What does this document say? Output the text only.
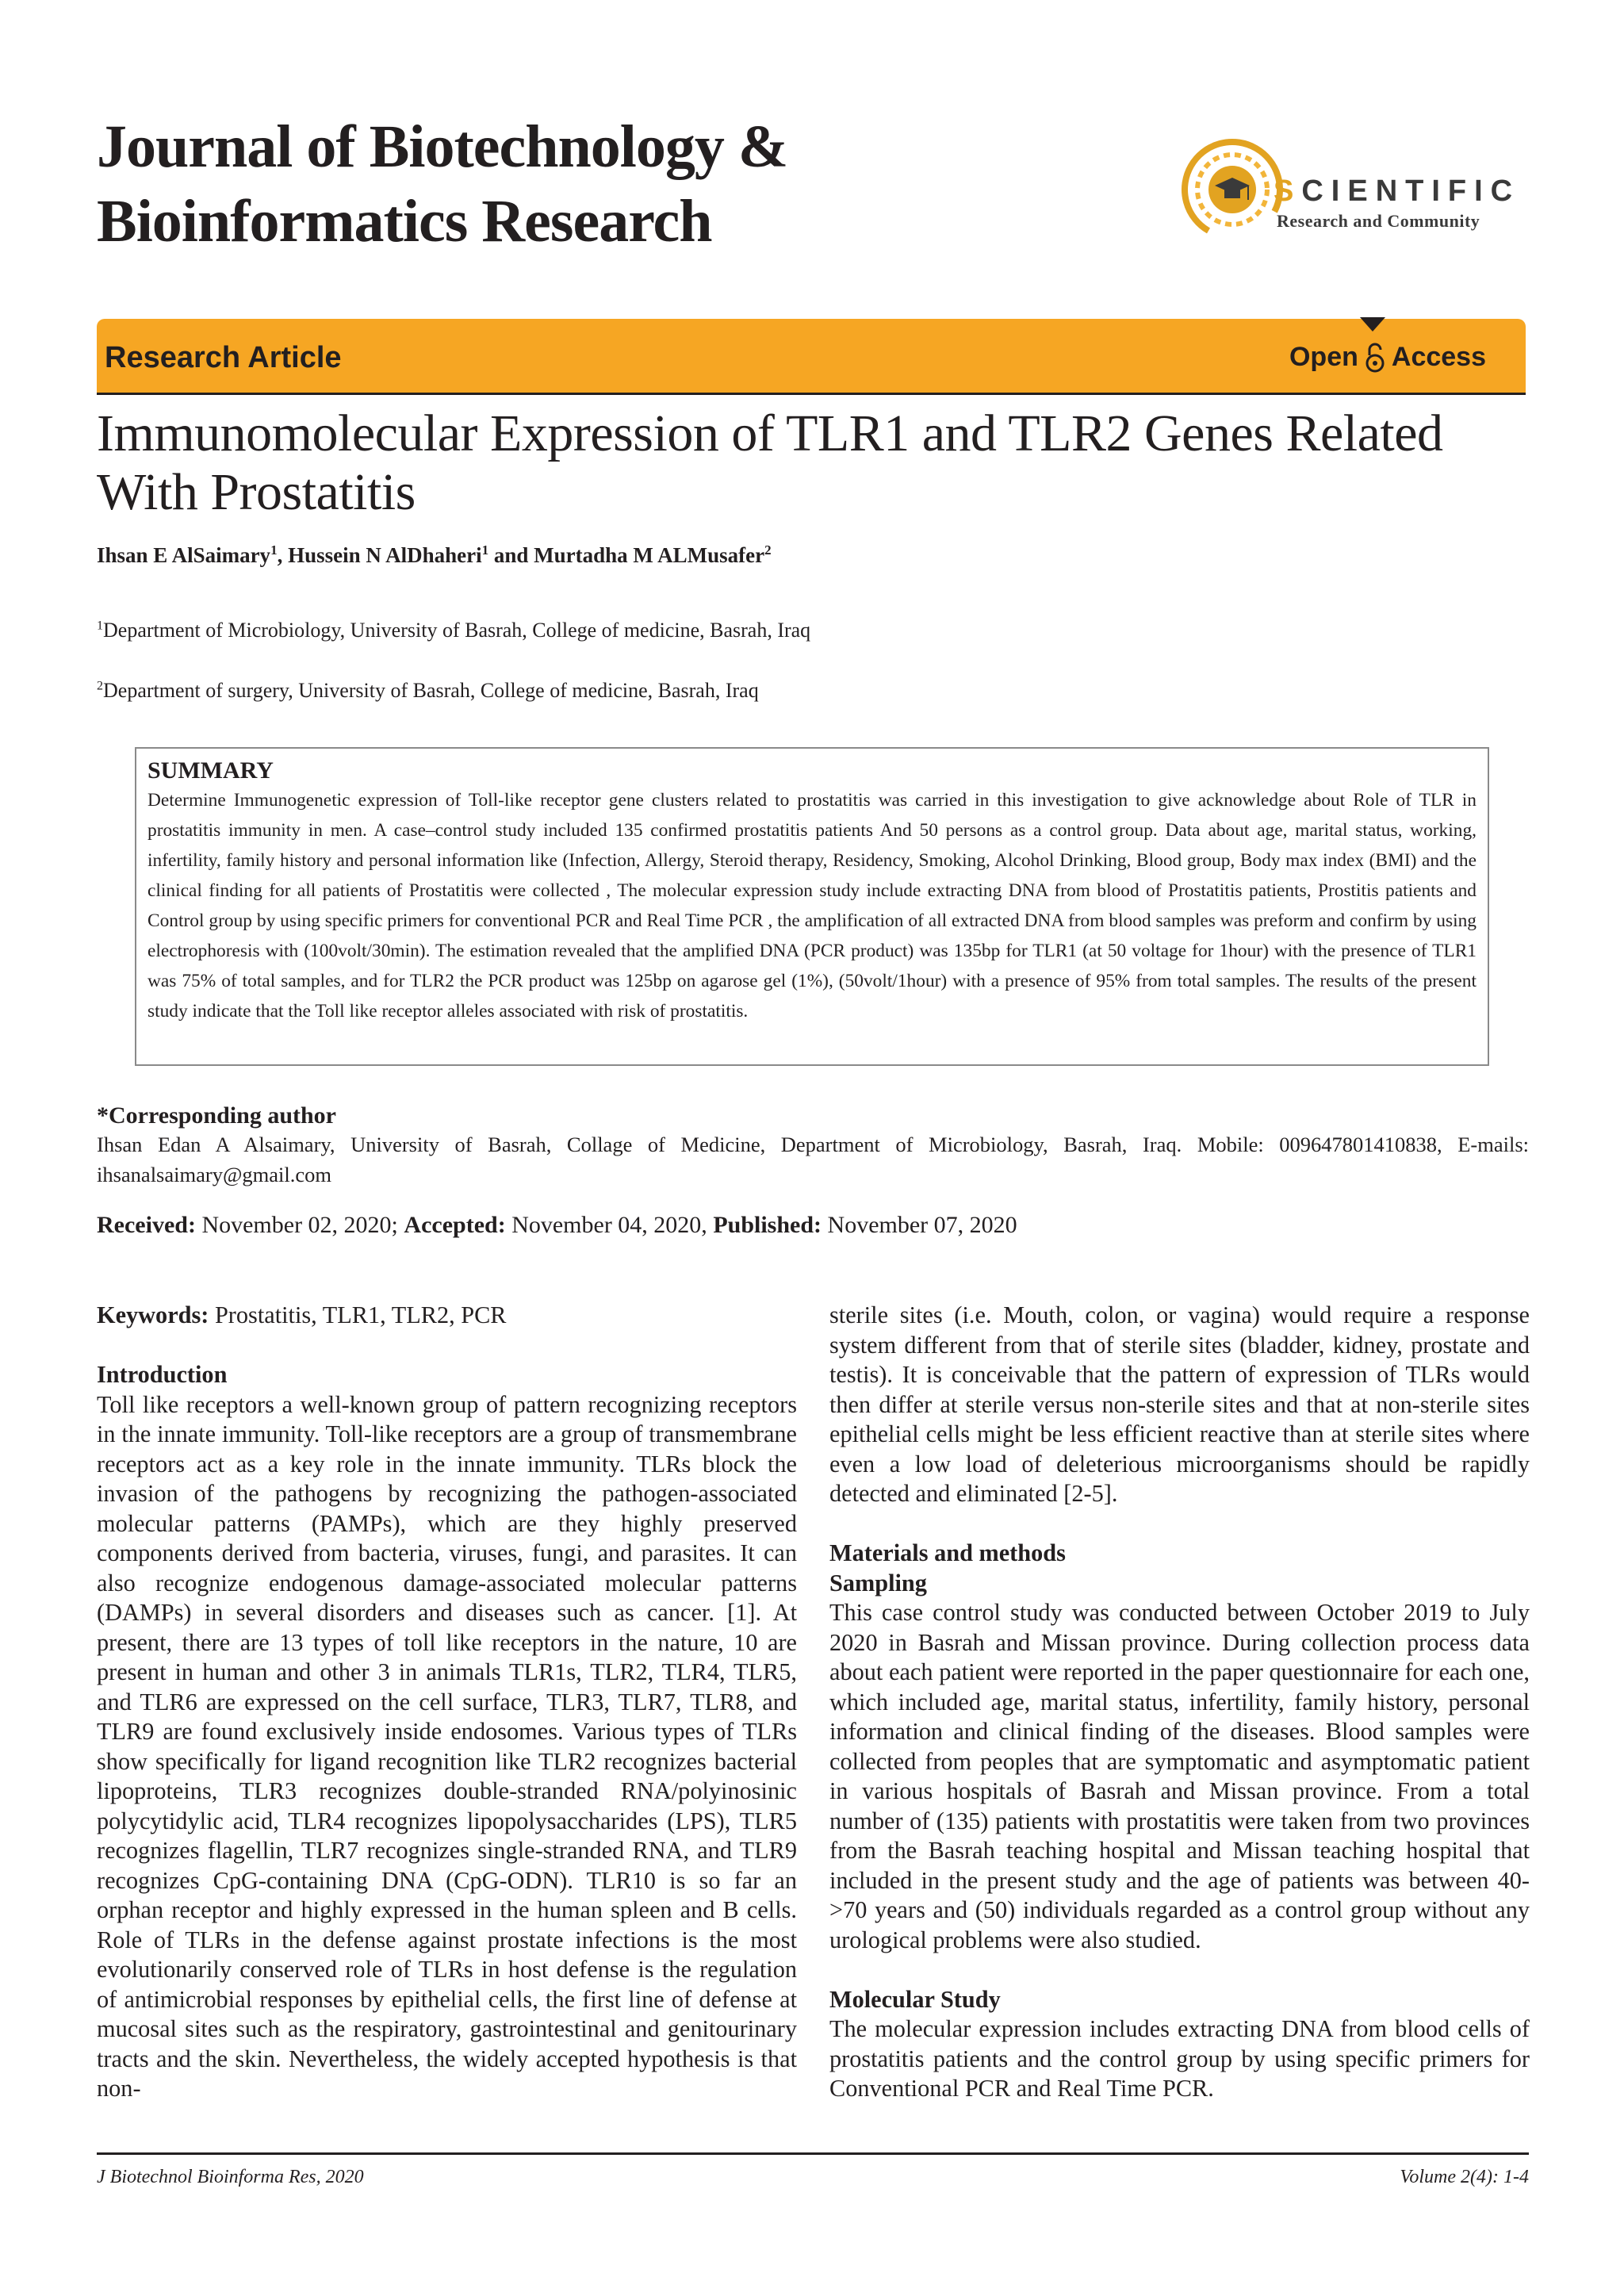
Journal of Biotechnology &
Bioinformatics Research	SCIENTIFIC
Research and Community
Research Article	Open Access
Immunomolecular Expression of TLR1 and TLR2 Genes Related With Prostatitis
Ihsan E AlSaimary$^1$, Hussein N AlDhaheri$^1$ and Murtadha M ALMusafer$^2$
$^1$Department of Microbiology, University of Basrah, College of medicine, Basrah, Iraq
$^2$Department of surgery, University of Basrah, College of medicine, Basrah, Iraq

SUMMARY

Determine Immunogenetic expression of Toll-like receptor gene clusters related to prostatitis was carried in this investigation to give acknowledge about Role of TLR in prostatitis immunity in men. A case–control study included 135 confirmed prostatitis patients And 50 persons as a control group. Data about age, marital status, working, infertility, family history and personal information like (Infection, Allergy, Steroid therapy, Residency, Smoking, Alcohol Drinking, Blood group, Body max index (BMI) and the clinical finding for all patients of Prostatitis were collected , The molecular expression study include extracting DNA from blood of Prostatitis patients, Prostitis patients and Control group by using specific primers for conventional PCR and Real Time PCR , the amplification of all extracted DNA from blood samples was preform and confirm by using electrophoresis with (100volt/30min). The estimation revealed that the amplified DNA (PCR product) was 135bp for TLR1 (at 50 voltage for 1hour) with the presence of TLR1 was 75% of total samples, and for TLR2 the PCR product was 125bp on agarose gel (1%), (50volt/1hour) with a presence of 95% from total samples. The results of the present study indicate that the Toll like receptor alleles associated with risk of prostatitis.

*Corresponding author
Ihsan Edan A Alsaimary, University of Basrah, Collage of Medicine, Department of Microbiology, Basrah, Iraq. Mobile: 009647801410838, E-mails: ihsanalsaimary@gmail.com
Received: November 02, 2020; Accepted: November 04, 2020, Published: November 07, 2020

Keywords: Prostatitis, TLR1, TLR2, PCR

Introduction

Toll like receptors a well-known group of pattern recognizing receptors in the innate immunity. Toll-like receptors are a group of transmembrane receptors act as a key role in the innate immunity. TLRs block the invasion of the pathogens by recognizing the pathogen-associated molecular patterns (PAMPs), which are they highly preserved components derived from bacteria, viruses, fungi, and parasites. It can also recognize endogenous damage-associated molecular patterns (DAMPs) in several disorders and diseases such as cancer. [1]. At present, there are 13 types of toll like receptors in the nature, 10 are present in human and other 3 in animals TLR1s, TLR2, TLR4, TLR5, and TLR6 are expressed on the cell surface, TLR3, TLR7, TLR8, and TLR9 are found exclusively inside endosomes. Various types of TLRs show specifically for ligand recognition like TLR2 recognizes bacterial lipoproteins, TLR3 recognizes double-stranded RNA/polyinosinic polycytidylic acid, TLR4 recognizes lipopolysaccharides (LPS), TLR5 recognizes flagellin, TLR7 recognizes single-stranded RNA, and TLR9 recognizes CpG-containing DNA (CpG-ODN). TLR10 is so far an orphan receptor and highly expressed in the human spleen and B cells. Role of TLRs in the defense against prostate infections is the most evolutionarily conserved role of TLRs in host defense is the regulation of antimicrobial responses by epithelial cells, the first line of defense at mucosal sites such as the respiratory, gastrointestinal and genitourinary tracts and the skin. Nevertheless, the widely accepted hypothesis is that non-

sterile sites (i.e. Mouth, colon, or vagina) would require a response system different from that of sterile sites (bladder, kidney, prostate and testis). It is conceivable that the pattern of expression of TLRs would then differ at sterile versus non-sterile sites and that at non-sterile sites epithelial cells might be less efficient reactive than at sterile sites where even a low load of deleterious microorganisms should be rapidly detected and eliminated [2-5].

Materials and methods
Sampling

This case control study was conducted between October 2019 to July 2020 in Basrah and Missan province. During collection process data about each patient were reported in the paper questionnaire for each one, which included age, marital status, infertility, family history, personal information and clinical finding of the diseases. Blood samples were collected from peoples that are symptomatic and asymptomatic patient in various hospitals of Basrah and Missan province. From a total number of (135) patients with prostatitis were taken from two provinces from the Basrah teaching hospital and Missan teaching hospital that included in the present study and the age of patients was between 40->70 years and (50) individuals regarded as a control group without any urological problems were also studied.

Molecular Study

The molecular expression includes extracting DNA from blood cells of prostatitis patients and the control group by using specific primers for Conventional PCR and Real Time PCR.

J Biotechnol Bioinforma Res, 2020	Volume 2(4): 1-4
